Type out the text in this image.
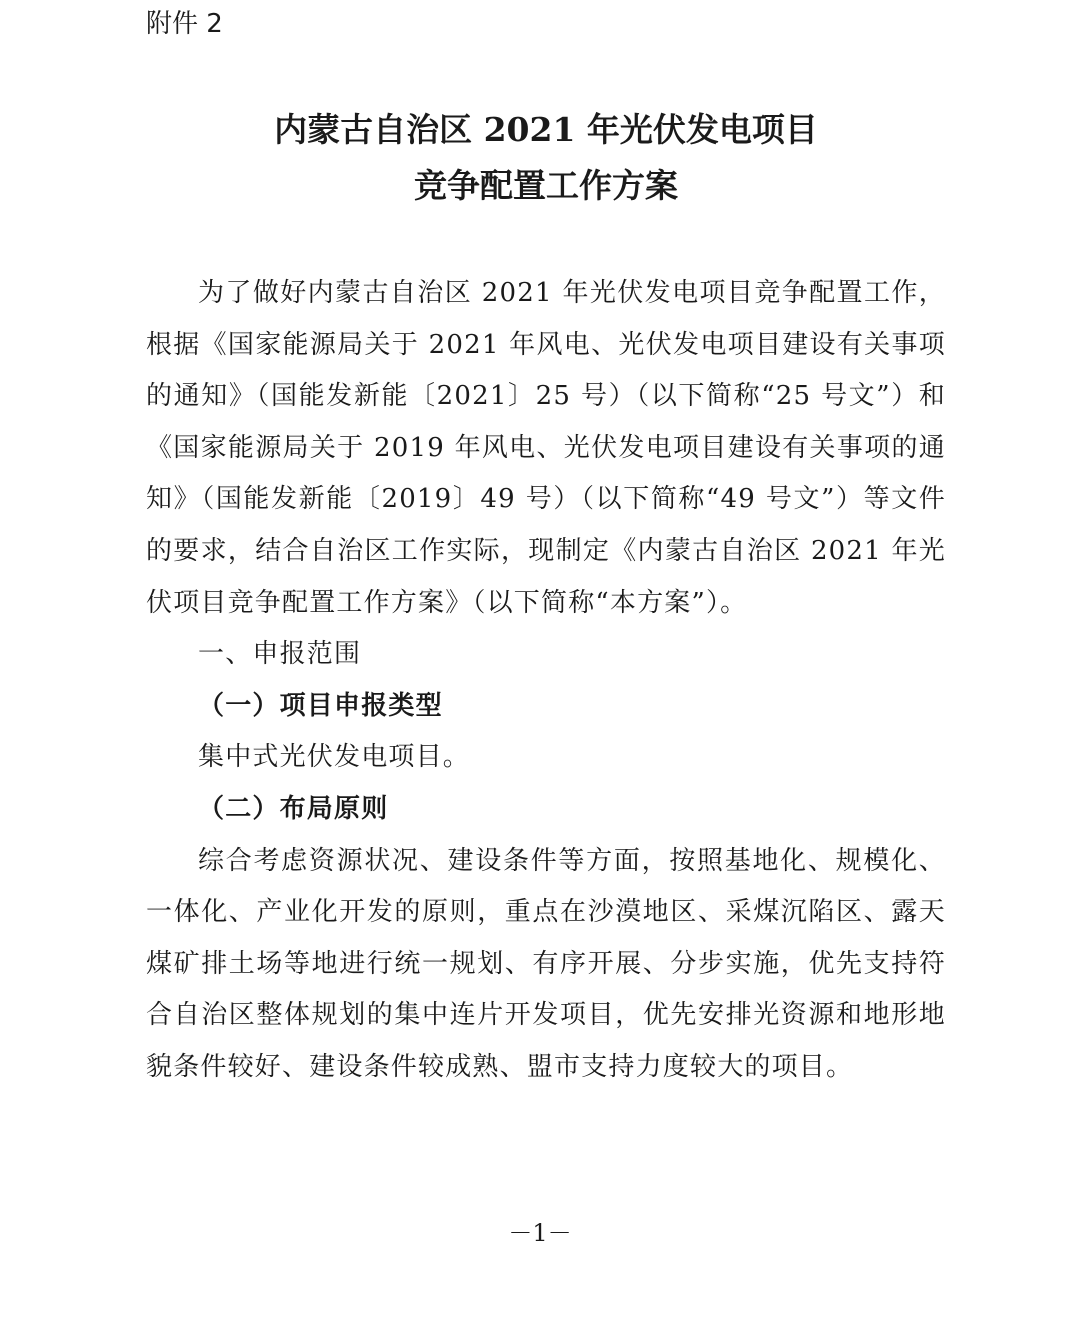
附件 2
内蒙古自治区 2021 年光伏发电项目
竞争配置工作方案

为了做好内蒙古自治区 2021 年光伏发电项目竞争配置工作，根据《国家能源局关于 2021 年风电、光伏发电项目建设有关事项的通知》（国能发新能〔2021〕25 号）（以下简称“25 号文”）和《国家能源局关于 2019 年风电、光伏发电项目建设有关事项的通知》（国能发新能〔2019〕49 号）（以下简称“49 号文”）等文件的要求，结合自治区工作实际，现制定《内蒙古自治区 2021 年光伏项目竞争配置工作方案》（以下简称“本方案”）。

一、申报范围

（一）项目申报类型

集中式光伏发电项目。

（二）布局原则

综合考虑资源状况、建设条件等方面，按照基地化、规模化、一体化、产业化开发的原则，重点在沙漠地区、采煤沉陷区、露天煤矿排土场等地进行统一规划、有序开展、分步实施，优先支持符合自治区整体规划的集中连片开发项目，优先安排光资源和地形地貌条件较好、建设条件较成熟、盟市支持力度较大的项目。

－1－
